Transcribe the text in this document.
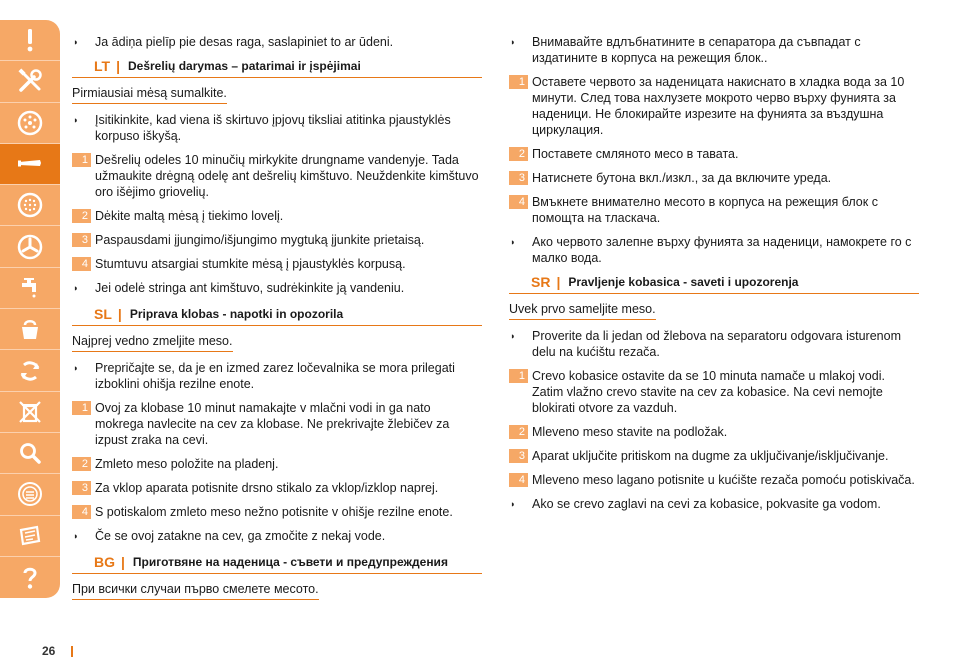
◗	Ja ādiņa pielīp pie desas raga, saslapiniet to ar ūdeni.
LT | Dešrelių darymas – patarimai ir įspėjimai
Pirmiausiai mėsą sumalkite.
◗	Įsitikinkite, kad viena iš skirtuvo įpjovų tiksliai atitinka pjaustyklės korpuso iškyšą.
1 Dešrelių odeles 10 minučių mirkykite drungname vandenyje. Tada užmaukite drėgną odelę ant dešrelių kimštuvo. Neuždenkite kimštuvo oro išėjimo griovelių.
2 Dėkite maltą mėsą į tiekimo lovelį.
3 Paspausdami įjungimo/išjungimo mygtuką įjunkite prietaisą.
4 Stumtuvu atsargiai stumkite mėsą į pjaustyklės korpusą.
◗	Jei odelė stringa ant kimštuvo, sudrėkinkite ją vandeniu.
SL | Priprava klobas - napotki in opozorila
Najprej vedno zmeljite meso.
◗	Prepričajte se, da je en izmed zarez ločevalnika se mora prilegati izboklini ohišja rezilne enote.
1 Ovoj za klobase 10 minut namakajte v mlačni vodi in ga nato mokrega navlecite na cev za klobase. Ne prekrivajte žlebičev za izpust zraka na cevi.
2 Zmleto meso položite na pladenj.
3 Za vklop aparata potisnite drsno stikalo za vklop/izklop naprej.
4 S potiskalom zmleto meso nežno potisnite v ohišje rezilne enote.
◗	Če se ovoj zatakne na cev, ga zmočite z nekaj vode.
BG | Приготвяне на наденица - съвети и предупреждения
При всички случаи първо смелете месото.
◗	Внимавайте вдлъбнатините в сепаратора да съвпадат с издатините в корпуса на режещия блок..
1 Оставете червото за наденицата накиснато в хладка вода за 10 минути. След това нахлузете мокрото черво върху фунията за наденици. Не блокирайте изрезите на фунията за въздушна циркулация.
2 Поставете смляното месо в тавата.
3 Натиснете бутона вкл./изкл., за да включите уреда.
4 Вмъкнете внимателно месото в корпуса на режещия блок с помощта на тласкача.
◗	Ако червото залепне върху фунията за наденици, намокрете го с малко вода.
SR | Pravljenje kobasica - saveti i upozorenja
Uvek prvo sameljite meso.
◗	Proverite da li jedan od žlebova na separatoru odgovara isturenom delu na kućištu rezača.
1 Crevo kobasice ostavite da se 10 minuta namače u mlakoj vodi. Zatim vlažno crevo stavite na cev za kobasice. Na cevi nemojte blokirati otvore za vazduh.
2 Mleveno meso stavite na podložak.
3 Aparat uključite pritiskom na dugme za uključivanje/isključivanje.
4 Mleveno meso lagano potisnite u kućište rezača pomoću potiskivača.
◗	Ako se crevo zaglavi na cevi za kobasice, pokvasite ga vodom.
26
